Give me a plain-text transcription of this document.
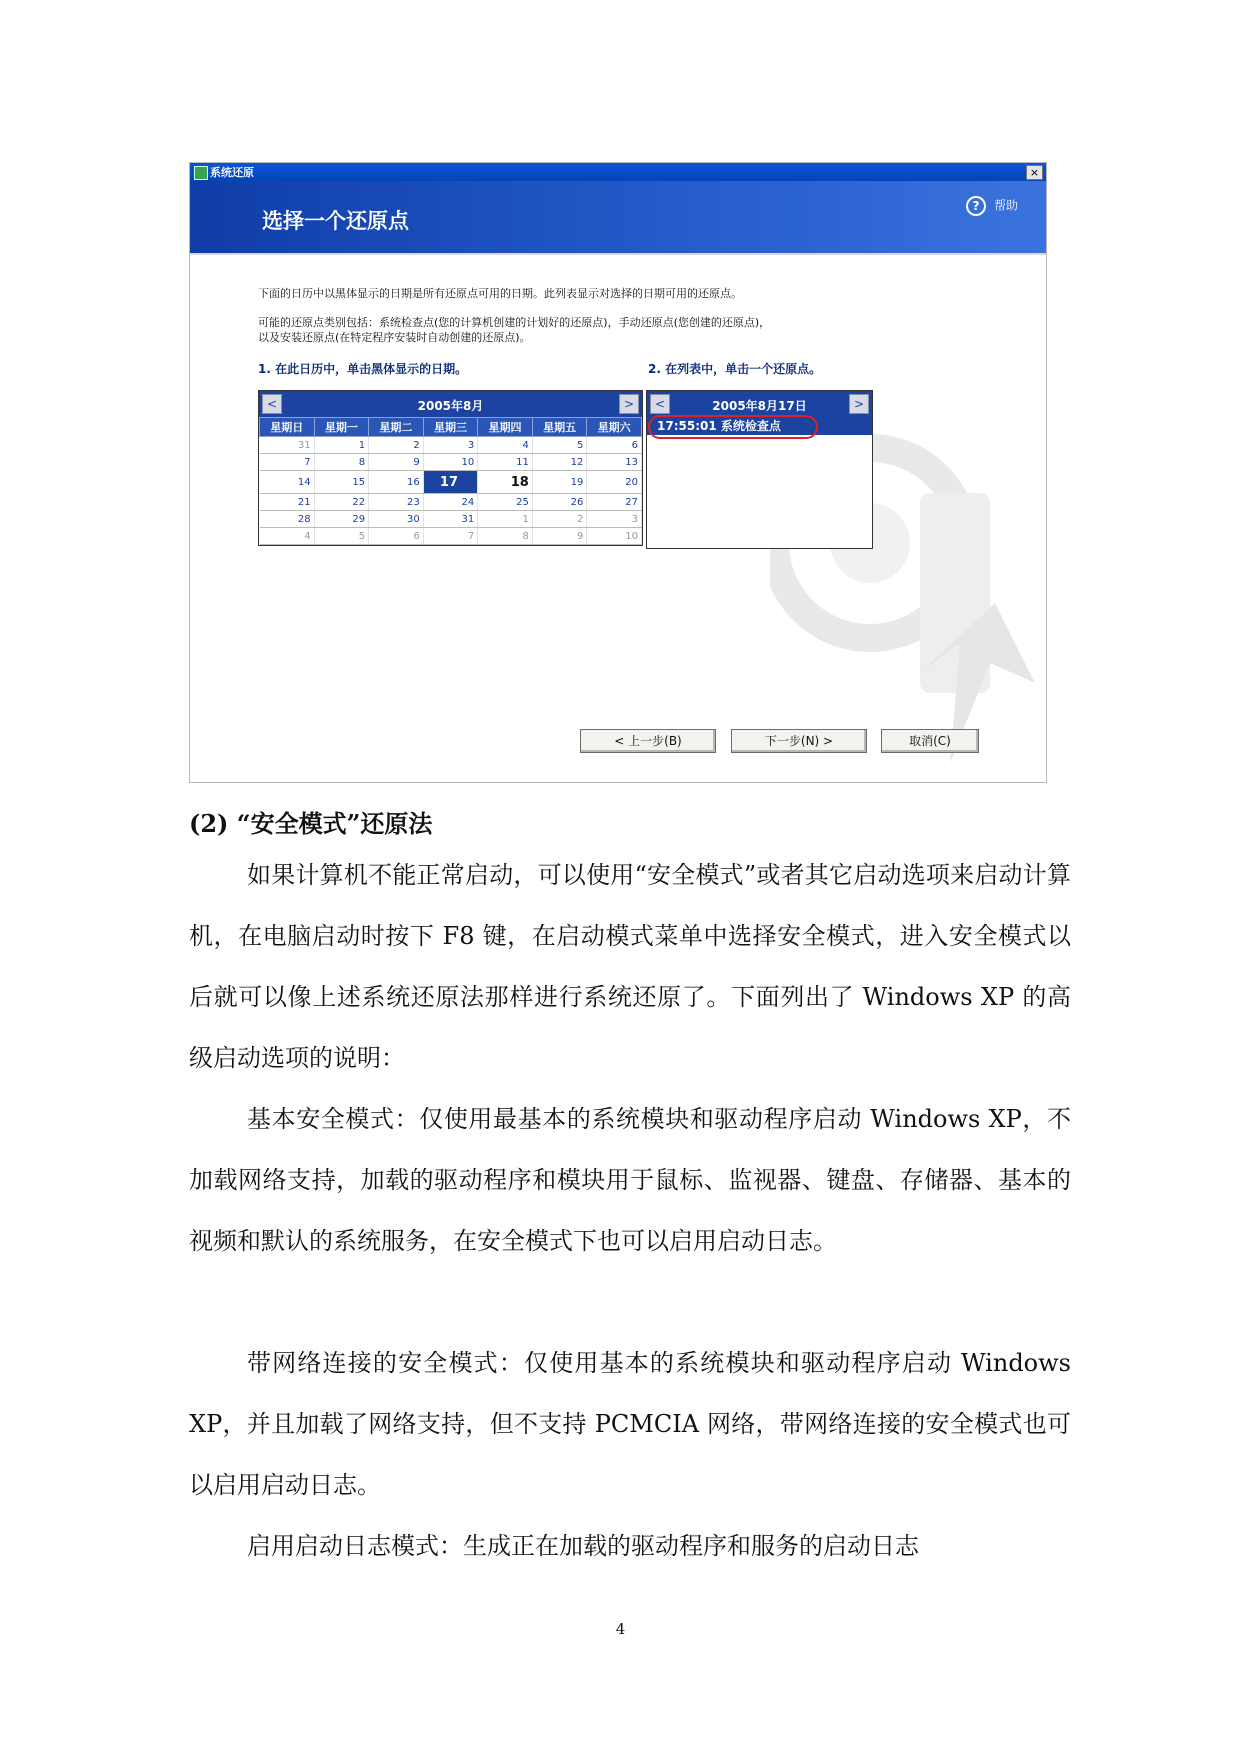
系统还原	×
选择一个还原点
? 帮助
下面的日历中以黑体显示的日期是所有还原点可用的日期。此列表显示对选择的日期可用的还原点。
可能的还原点类别包括：系统检查点(您的计算机创建的计划好的还原点)，手动还原点(您创建的还原点)，
以及安装还原点(在特定程序安装时自动创建的还原点)。
1. 在此日历中，单击黑体显示的日期。	2. 在列表中，单击一个还原点。
<	2005年8月	>
星期日	星期一	星期二	星期三	星期四	星期五	星期六
31	1	2	3	4	5	6
7	8	9	10	11	12	13
14	15	16	17	18	19	20
21	22	23	24	25	26	27
28	29	30	31	1	2	3
4	5	6	7	8	9	10
<	2005年8月17日	>
17:55:01 系统检查点
< 上一步(B)	下一步(N) >	取消(C)
(2) “安全模式”还原法

如果计算机不能正常启动，可以使用“安全模式”或者其它启动选项来启动计算机，在电脑启动时按下 F8 键，在启动模式菜单中选择安全模式，进入安全模式以后就可以像上述系统还原法那样进行系统还原了。下面列出了 Windows XP 的高级启动选项的说明：

基本安全模式：仅使用最基本的系统模块和驱动程序启动 Windows XP，不加载网络支持，加载的驱动程序和模块用于鼠标、监视器、键盘、存储器、基本的视频和默认的系统服务，在安全模式下也可以启用启动日志。

带网络连接的安全模式：仅使用基本的系统模块和驱动程序启动 Windows XP，并且加载了网络支持，但不支持 PCMCIA 网络，带网络连接的安全模式也可以启用启动日志。

启用启动日志模式：生成正在加载的驱动程序和服务的启动日志

4
